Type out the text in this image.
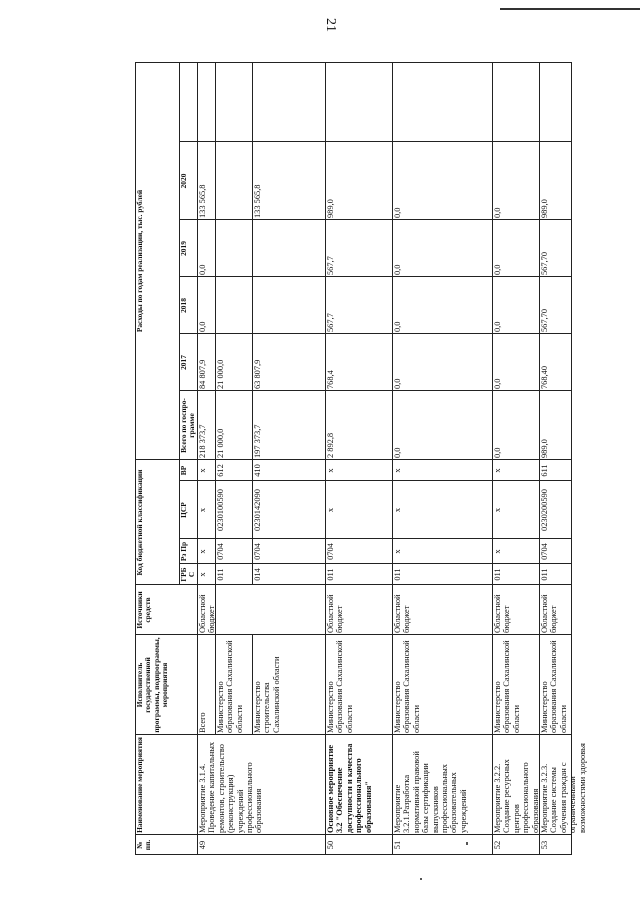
21
№ пп.
Наименование мероприятия
Исполнитель государственной программы, подпрограммы, мероприятия
Источники средств
Код бюджетной классификации	ГРБ С
Рз Пр
ЦСР
ВР
Расходы по годам реализации, тыс. рублей
Всего по госпро-грамме
2017
2018
2019
2020
49
Мероприятие 3.1.4. Проведение капитальных ремонтов, строительство (реконструкция) учреждений профессионального образования
Областной бюджет
Всего
х
х
х
х
218 373,7
84 807,9
0,0
0,0
133 565,8
Министерство образования Сахалинской области
011
0704
0230100590
612
21 000,0
21 000,0
Министерство строительства Сахалинской области
014
0704
0230142090
410
197 373,7
63 807,9
133 565,8
50
Основное мероприятие 3.2 "Обеспечение доступности и качества профессионального образования"
Министерство образования Сахалинской области
Областной бюджет
011
0704
х
х
2 892,8
768,4
567,7
567,7
989,0
51
Мероприятие 3.2.1.Разработка нормативной правовой базы сертификации выпускников профессиональных образовательных учреждений
Министерство образования Сахалинской области
Областной бюджет
011
х
х
х
0,0
0,0
0,0
0,0
0,0
52
Мероприятие 3.2.2. Создание ресурсных центров профессионального образования
Министерство образования Сахалинской области
Областной бюджет
011
х
х
х
0,0
0,0
0,0
0,0
0,0
53
Мероприятие 3.2.3. Создание системы обучения граждан с ограниченными возможностями здоровья
Министерство образования Сахалинской области
Областной бюджет
011
0704
0230200590
611
989,0
768,40
567,70
567,70
989,0
